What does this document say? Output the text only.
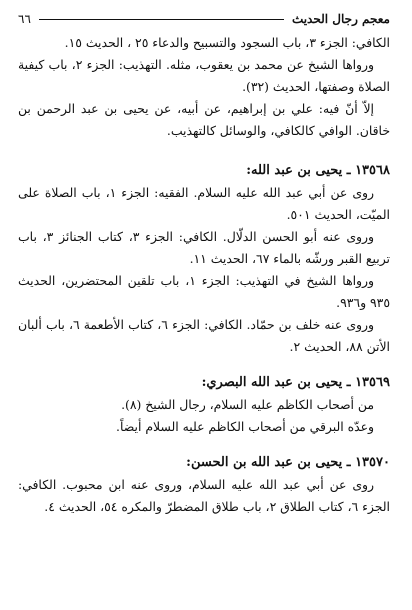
معجم رجال الحديث
٦٦

الكافي: الجزء ٣، باب السجود والتسبيح والدعاء ٢٥ ، الحديث ١٥.

ورواها الشيخ عن محمد بن يعقوب، مثله. التهذيب: الجزء ٢، باب كيفية الصلاة وصفتها، الحديث (٣٢).

إلاّ أنّ فيه: علي بن إبراهيم، عن أبيه، عن يحيى بن عبد الرحمن بن خاقان. الوافي كالكافي، والوسائل كالتهذيب.

١٣٥٦٨ ـ يحيى بن عبد الله:

روى عن أبي عبد الله عليه السلام. الفقيه: الجزء ١، باب الصلاة على الميّت، الحديث ٥٠١.

وروى عنه أبو الحسن الدلّال. الكافي: الجزء ٣، كتاب الجنائز ٣، باب تربيع القبر ورشّه بالماء ٦٧، الحديث ١١.

ورواها الشيخ في التهذيب: الجزء ١، باب تلقين المحتضرين، الحديث ٩٣٥ و٩٣٦.

وروى عنه خلف بن حمّاد. الكافي: الجزء ٦، كتاب الأطعمة ٦، باب ألبان الأتن ٨٨، الحديث ٢.

١٣٥٦٩ ـ يحيى بن عبد الله البصري:

من أصحاب الكاظم عليه السلام، رجال الشيخ (٨).

وعدّه البرقي من أصحاب الكاظم عليه السلام أيضاً.

١٣٥٧٠ ـ يحيى بن عبد الله بن الحسن:

روى عن أبي عبد الله عليه السلام، وروى عنه ابن محبوب. الكافي: الجزء ٦، كتاب الطلاق ٢، باب طلاق المضطرّ والمكره ٥٤، الحديث ٤.
